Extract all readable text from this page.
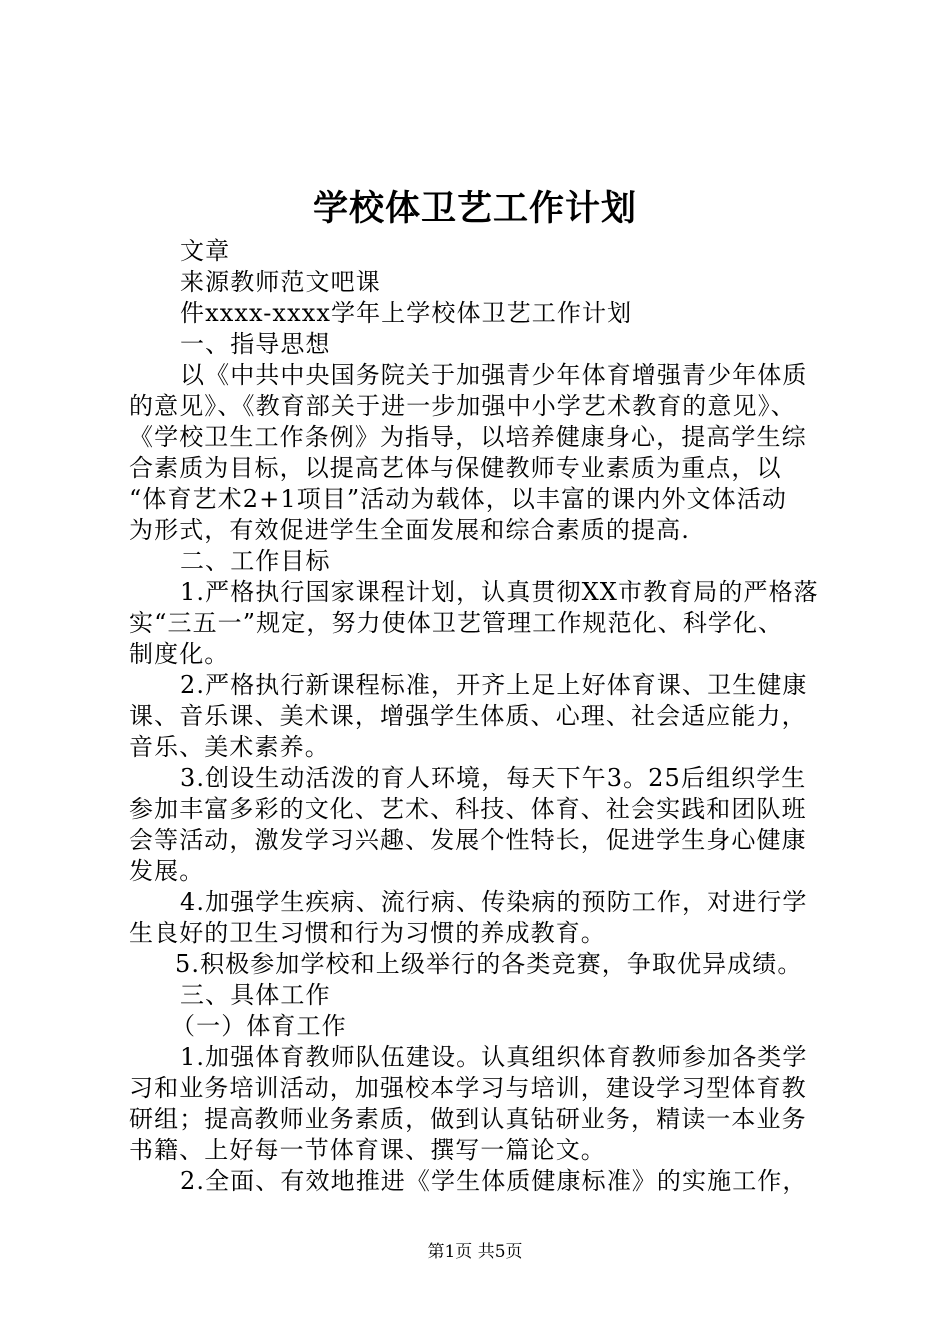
学校体卫艺工作计划
文章
来源教师范文吧课
件xxxx-xxxx学年上学校体卫艺工作计划
一、指导思想
以《中共中央国务院关于加强青少年体育增强青少年体质
的意见》、《教育部关于进一步加强中小学艺术教育的意见》、
《学校卫生工作条例》为指导，以培养健康身心，提高学生综
合素质为目标，以提高艺体与保健教师专业素质为重点，以
“体育艺术2+1项目”活动为载体，以丰富的课内外文体活动
为形式，有效促进学生全面发展和综合素质的提高.
二、工作目标
1.严格执行国家课程计划，认真贯彻XX市教育局的严格落
实“三五一”规定，努力使体卫艺管理工作规范化、科学化、
制度化。
2.严格执行新课程标准，开齐上足上好体育课、卫生健康
课、音乐课、美术课，增强学生体质、心理、社会适应能力，
音乐、美术素养。
3.创设生动活泼的育人环境，每天下午3。25后组织学生
参加丰富多彩的文化、艺术、科技、体育、社会实践和团队班
会等活动，激发学习兴趣、发展个性特长，促进学生身心健康
发展。
4.加强学生疾病、流行病、传染病的预防工作，对进行学
生良好的卫生习惯和行为习惯的养成教育。
5.积极参加学校和上级举行的各类竞赛，争取优异成绩。
三、具体工作
（一）体育工作
1.加强体育教师队伍建设。认真组织体育教师参加各类学
习和业务培训活动，加强校本学习与培训，建设学习型体育教
研组；提高教师业务素质，做到认真钻研业务，精读一本业务
书籍、上好每一节体育课、撰写一篇论文。
2.全面、有效地推进《学生体质健康标准》的实施工作，
第1页 共5页
